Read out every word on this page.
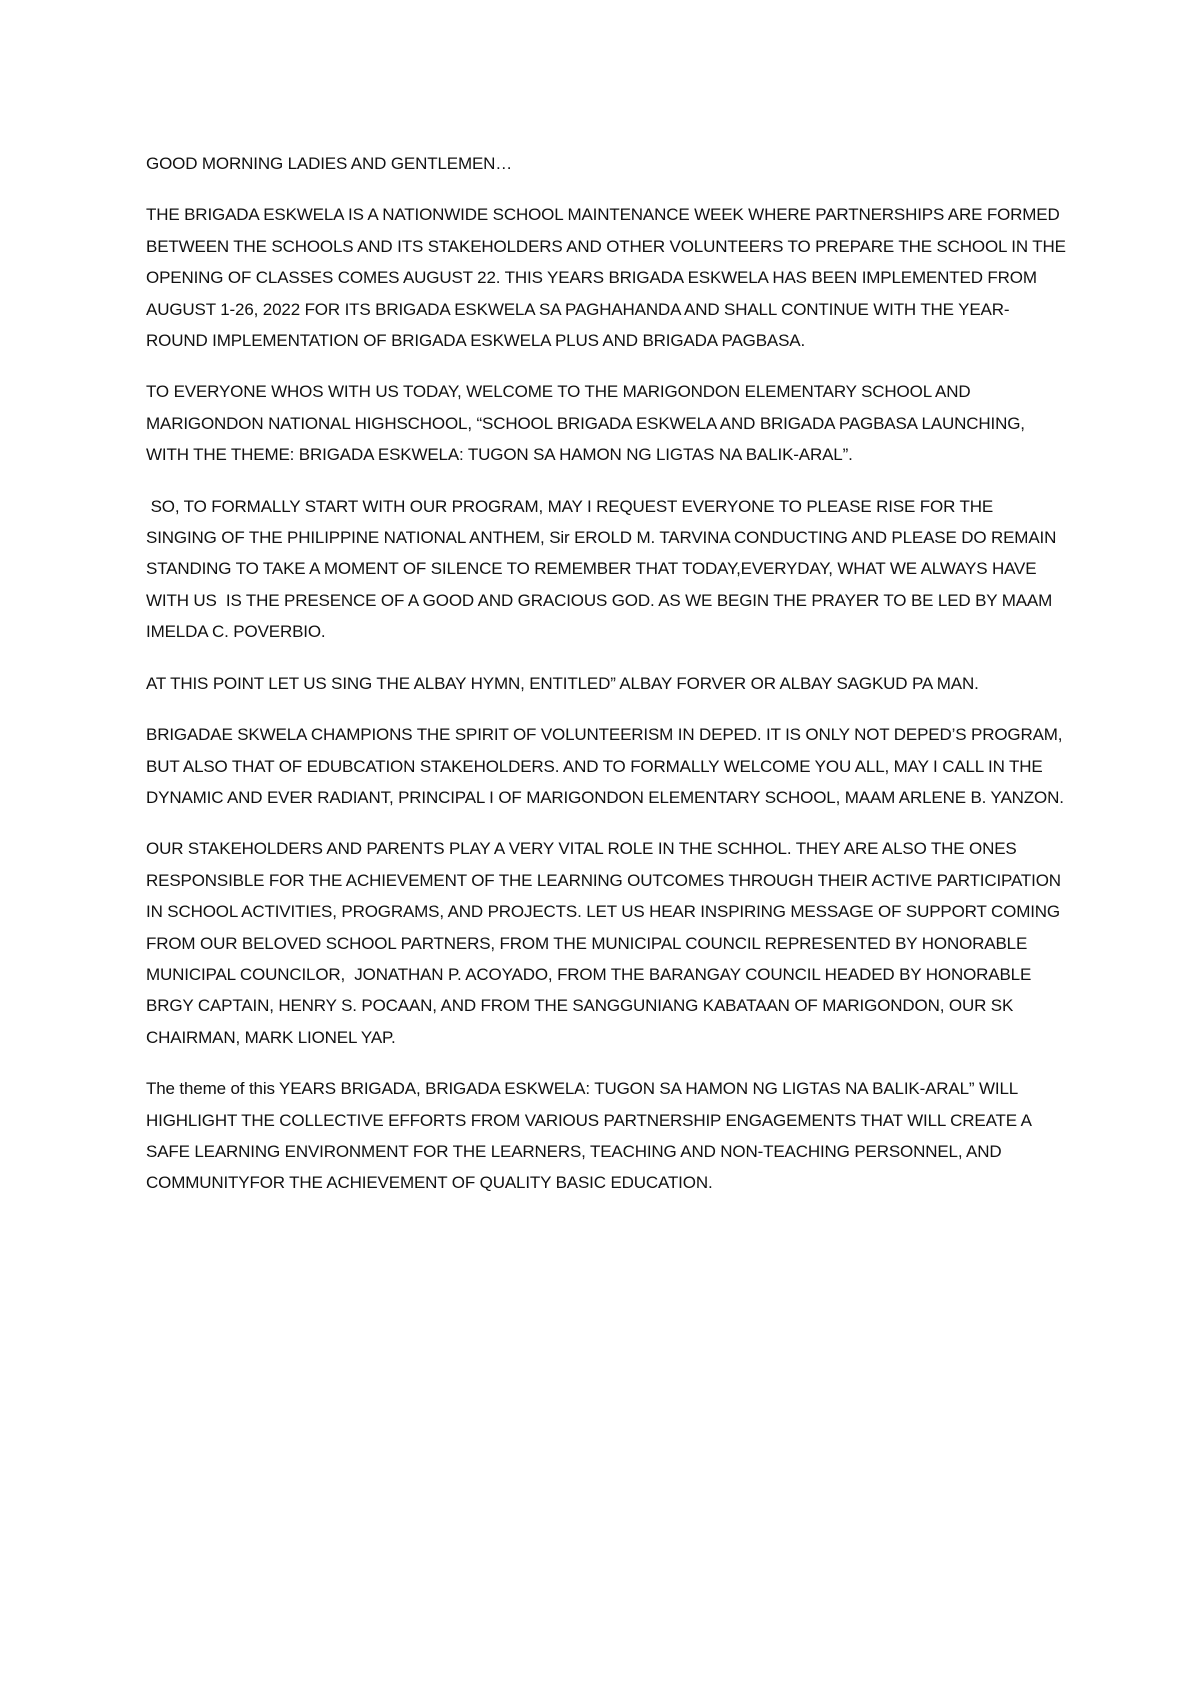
GOOD MORNING LADIES AND GENTLEMEN…

THE BRIGADA ESKWELA IS A NATIONWIDE SCHOOL MAINTENANCE WEEK WHERE PARTNERSHIPS ARE FORMED BETWEEN THE SCHOOLS AND ITS STAKEHOLDERS AND OTHER VOLUNTEERS TO PREPARE THE SCHOOL IN THE OPENING OF CLASSES COMES AUGUST 22. THIS YEARS BRIGADA ESKWELA HAS BEEN IMPLEMENTED FROM AUGUST 1-26, 2022 FOR ITS BRIGADA ESKWELA SA PAGHAHANDA AND SHALL CONTINUE WITH THE YEAR-ROUND IMPLEMENTATION OF BRIGADA ESKWELA PLUS AND BRIGADA PAGBASA.

TO EVERYONE WHOS WITH US TODAY, WELCOME TO THE MARIGONDON ELEMENTARY SCHOOL AND MARIGONDON NATIONAL HIGHSCHOOL, “SCHOOL BRIGADA ESKWELA AND BRIGADA PAGBASA LAUNCHING, WITH THE THEME: BRIGADA ESKWELA: TUGON SA HAMON NG LIGTAS NA BALIK-ARAL”.

SO, TO FORMALLY START WITH OUR PROGRAM, MAY I REQUEST EVERYONE TO PLEASE RISE FOR THE SINGING OF THE PHILIPPINE NATIONAL ANTHEM, Sir EROLD M. TARVINA CONDUCTING AND PLEASE DO REMAIN STANDING TO TAKE A MOMENT OF SILENCE TO REMEMBER THAT TODAY,EVERYDAY, WHAT WE ALWAYS HAVE WITH US  IS THE PRESENCE OF A GOOD AND GRACIOUS GOD. AS WE BEGIN THE PRAYER TO BE LED BY MAAM IMELDA C. POVERBIO.

AT THIS POINT LET US SING THE ALBAY HYMN, ENTITLED” ALBAY FORVER OR ALBAY SAGKUD PA MAN.

BRIGADAE SKWELA CHAMPIONS THE SPIRIT OF VOLUNTEERISM IN DEPED. IT IS ONLY NOT DEPED’S PROGRAM, BUT ALSO THAT OF EDUBCATION STAKEHOLDERS. AND TO FORMALLY WELCOME YOU ALL, MAY I CALL IN THE DYNAMIC AND EVER RADIANT, PRINCIPAL I OF MARIGONDON ELEMENTARY SCHOOL, MAAM ARLENE B. YANZON.

OUR STAKEHOLDERS AND PARENTS PLAY A VERY VITAL ROLE IN THE SCHHOL. THEY ARE ALSO THE ONES RESPONSIBLE FOR THE ACHIEVEMENT OF THE LEARNING OUTCOMES THROUGH THEIR ACTIVE PARTICIPATION IN SCHOOL ACTIVITIES, PROGRAMS, AND PROJECTS. LET US HEAR INSPIRING MESSAGE OF SUPPORT COMING FROM OUR BELOVED SCHOOL PARTNERS, FROM THE MUNICIPAL COUNCIL REPRESENTED BY HONORABLE MUNICIPAL COUNCILOR,  JONATHAN P. ACOYADO, FROM THE BARANGAY COUNCIL HEADED BY HONORABLE BRGY CAPTAIN, HENRY S. POCAAN, AND FROM THE SANGGUNIANG KABATAAN OF MARIGONDON, OUR SK CHAIRMAN, MARK LIONEL YAP.

The theme of this YEARS BRIGADA, BRIGADA ESKWELA: TUGON SA HAMON NG LIGTAS NA BALIK-ARAL” WILL HIGHLIGHT THE COLLECTIVE EFFORTS FROM VARIOUS PARTNERSHIP ENGAGEMENTS THAT WILL CREATE A SAFE LEARNING ENVIRONMENT FOR THE LEARNERS, TEACHING AND NON-TEACHING PERSONNEL, AND COMMUNITYFOR THE ACHIEVEMENT OF QUALITY BASIC EDUCATION.
